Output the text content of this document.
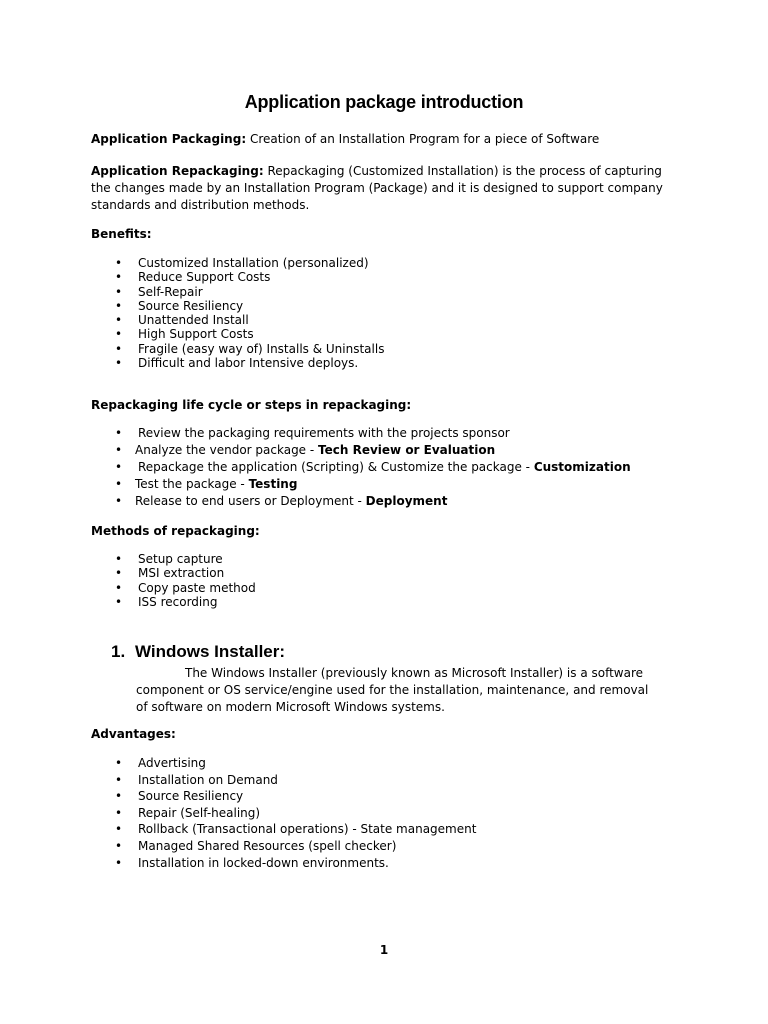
Application package introduction
Application Packaging: Creation of an Installation Program for a piece of Software
Application Repackaging: Repackaging (Customized Installation) is the process of capturing the changes made by an Installation Program (Package) and it is designed to support company standards and distribution methods.
Benefits:
• Customized Installation (personalized)
• Reduce Support Costs
• Self-Repair
• Source Resiliency
• Unattended Install
• High Support Costs
• Fragile (easy way of) Installs & Uninstalls
• Difficult and labor Intensive deploys.
Repackaging life cycle or steps in repackaging:
• Review the packaging requirements with the projects sponsor
• Analyze the vendor package - Tech Review or Evaluation
• Repackage the application (Scripting) & Customize the package - Customization
• Test the package - Testing
• Release to end users or Deployment - Deployment
Methods of repackaging:
• Setup capture
• MSI extraction
• Copy paste method
• ISS recording
1. Windows Installer:
The Windows Installer (previously known as Microsoft Installer) is a software component or OS service/engine used for the installation, maintenance, and removal of software on modern Microsoft Windows systems.
Advantages:
• Advertising
• Installation on Demand
• Source Resiliency
• Repair (Self-healing)
• Rollback (Transactional operations) - State management
• Managed Shared Resources (spell checker)
• Installation in locked-down environments.
1
